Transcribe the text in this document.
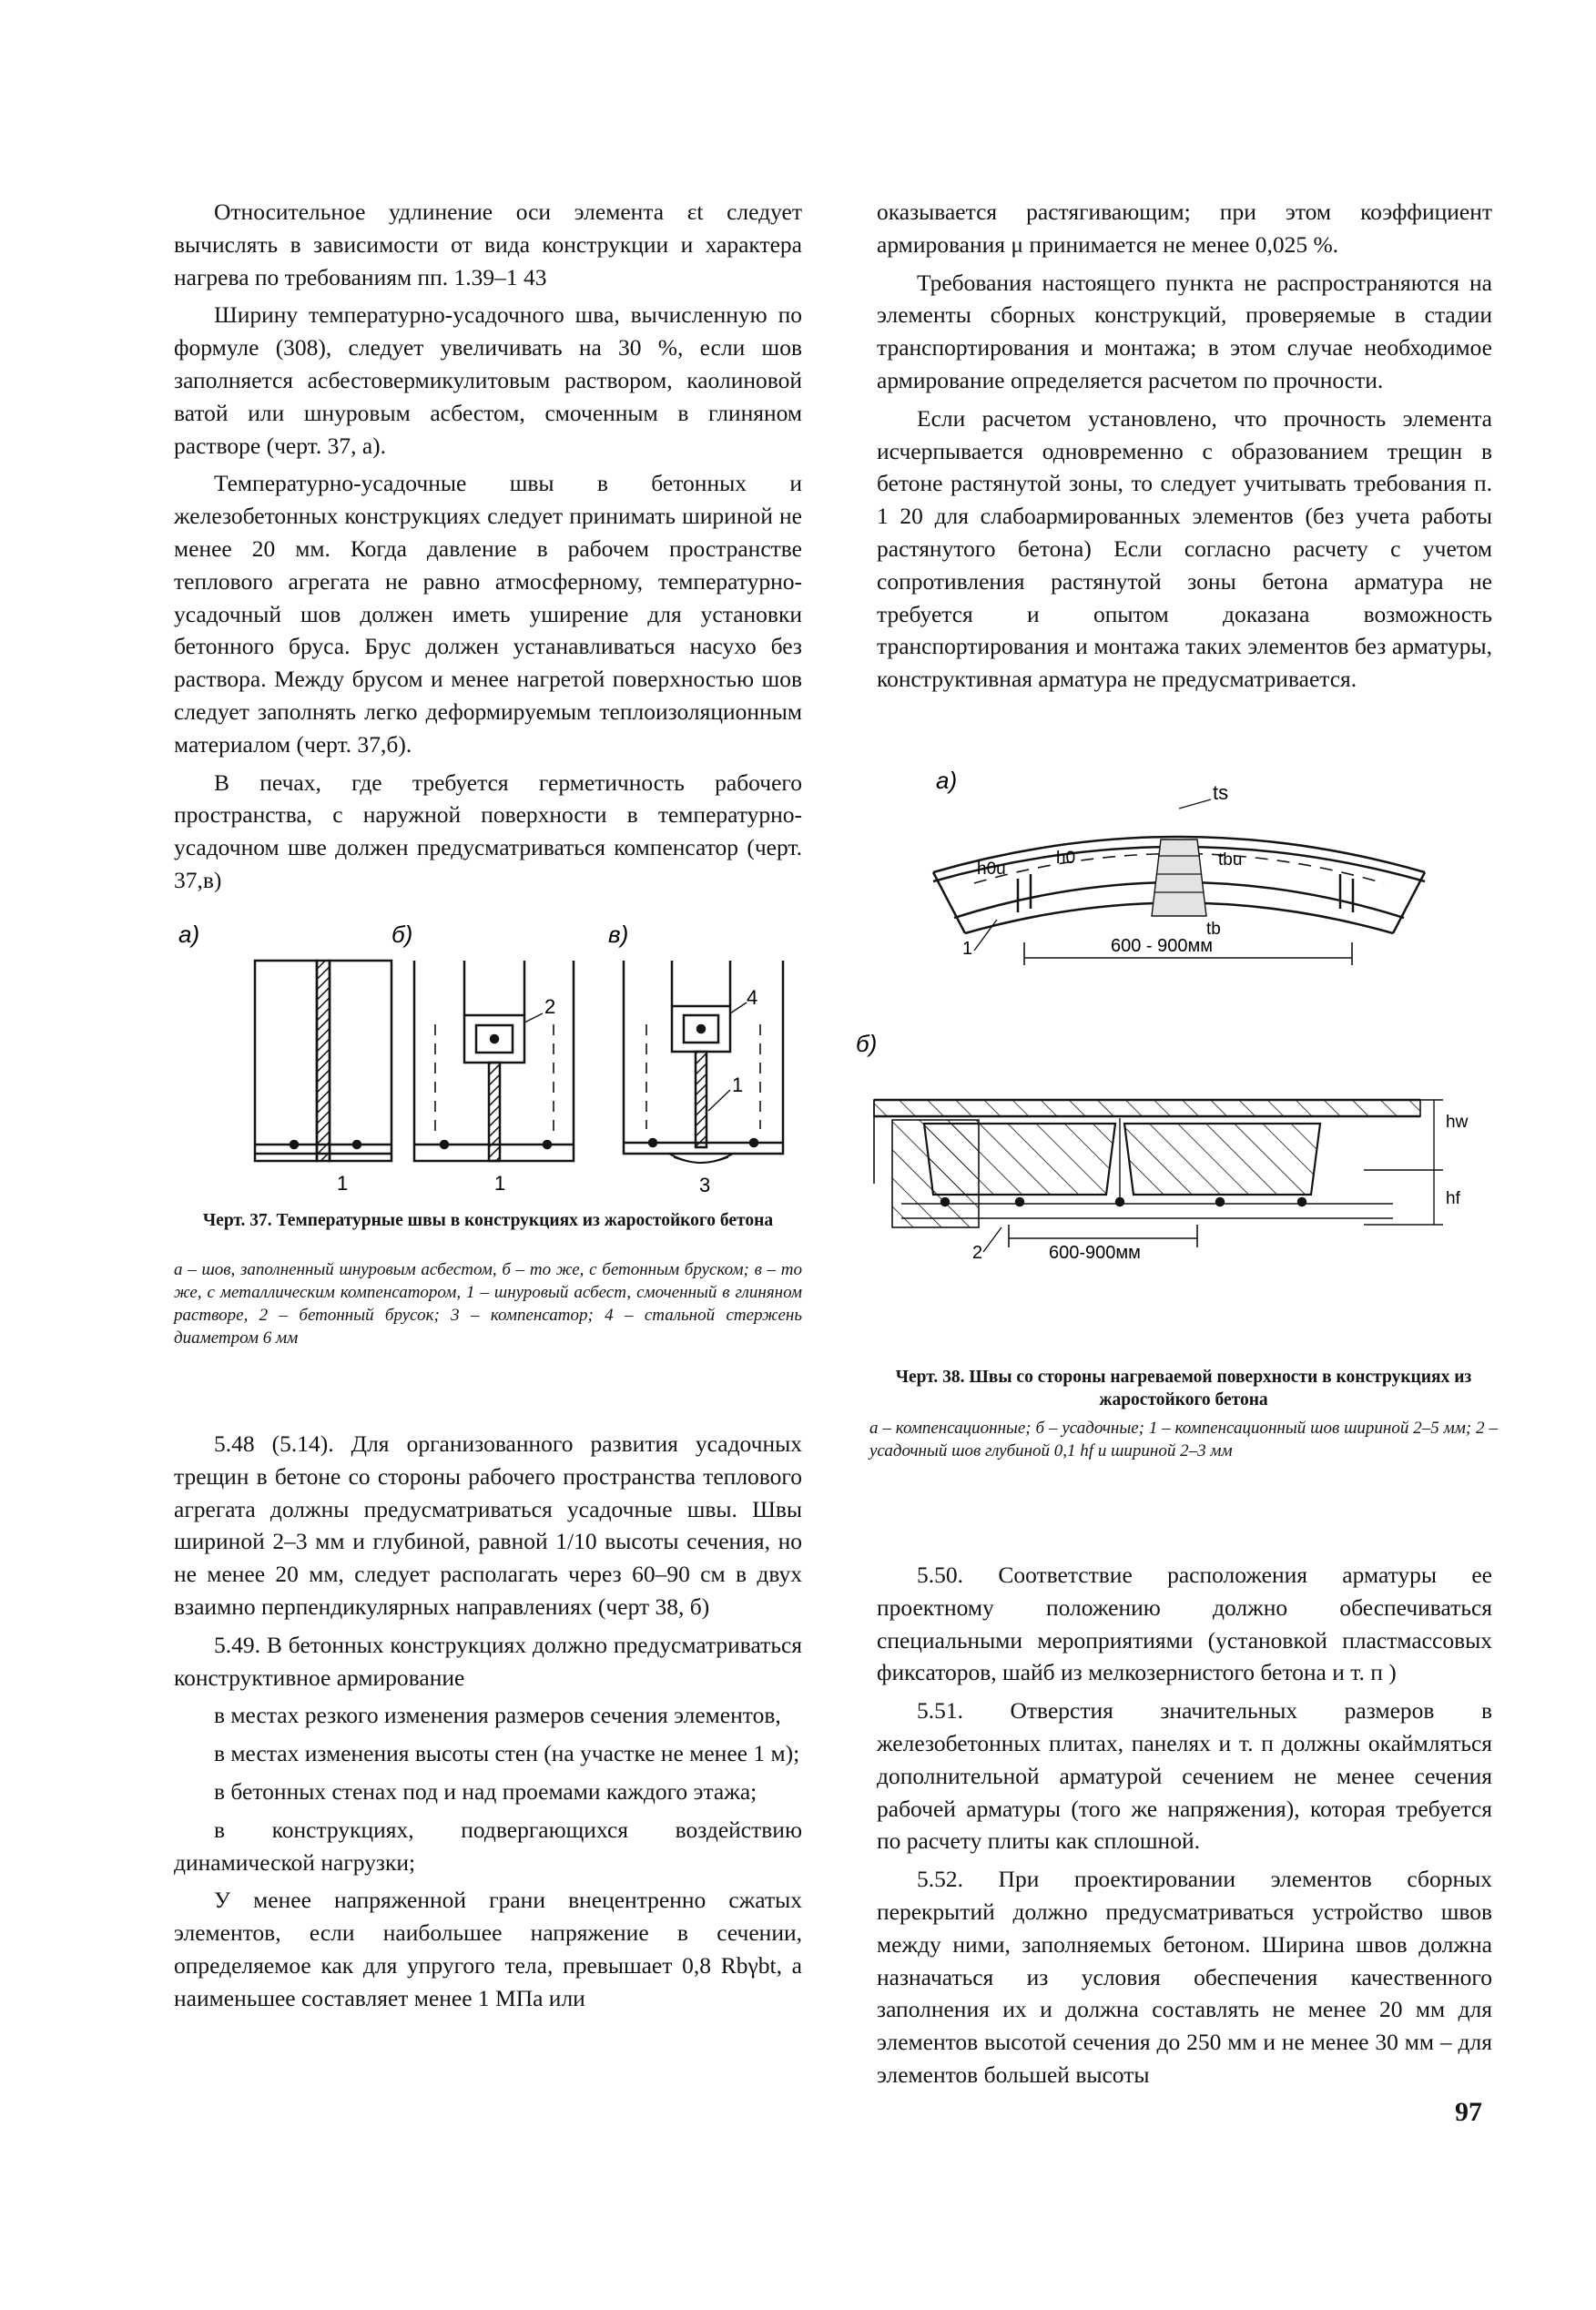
Относительное удлинение оси элемента εt следует вычислять в зависимости от вида конструкции и характера нагрева по требованиям пп. 1.39–1 43

Ширину температурно-усадочного шва, вычисленную по формуле (308), следует увеличивать на 30 %, если шов заполняется асбестовермикулитовым раствором, каолиновой ватой или шнуровым асбестом, смоченным в глиняном растворе (черт. 37, а).

Температурно-усадочные швы в бетонных и железобетонных конструкциях следует принимать шириной не менее 20 мм. Когда давление в рабочем пространстве теплового агрегата не равно атмосферному, температурно-усадочный шов должен иметь уширение для установки бетонного бруса. Брус должен устанавливаться насухо без раствора. Между брусом и менее нагретой поверхностью шов следует заполнять легко деформируемым теплоизоляционным материалом (черт. 37,б).

В печах, где требуется герметичность рабочего пространства, с наружной поверхности в температурно-усадочном шве должен предусматриваться компенсатор (черт. 37,в)

оказывается растягивающим; при этом коэффициент армирования μ принимается не менее 0,025 %.

Требования настоящего пункта не распространяются на элементы сборных конструкций, проверяемые в стадии транспортирования и монтажа; в этом случае необходимое армирование определяется расчетом по прочности.

Если расчетом установлено, что прочность элемента исчерпывается одновременно с образованием трещин в бетоне растянутой зоны, то следует учитывать требования п. 1 20 для слабоармированных элементов (без учета работы растянутого бетона) Если согласно расчету с учетом сопротивления растянутой зоны бетона арматура не требуется и опытом доказана возможность транспортирования и монтажа таких элементов без арматуры, конструктивная арматура не предусматривается.

а)	б)	в)
1
2
1
4
1
3
Черт. 37. Температурные швы в конструкциях из жаростойкого бетона
а – шов, заполненный шнуровым асбестом, б – то же, с бетонным бруском; в – то же, с металлическим компенсатором, 1 – шнуровый асбест, смоченный в глиняном растворе, 2 – бетонный брусок; 3 – компенсатор; 4 – стальной стержень диаметром 6 мм
а)	ts
tbu
tb
h0u
h0
600 - 900мм
1
б)
hw
hf
600-900мм
2
Черт. 38. Швы со стороны нагреваемой поверхности в конструкциях из жаростойкого бетона
а – компенсационные; б – усадочные; 1 – компенсационный шов шириной 2–5 мм; 2 – усадочный шов глубиной 0,1 hf и шириной 2–3 мм

5.48 (5.14). Для организованного развития усадочных трещин в бетоне со стороны рабочего пространства теплового агрегата должны предусматриваться усадочные швы. Швы шириной 2–3 мм и глубиной, равной 1/10 высоты сечения, но не менее 20 мм, следует располагать через 60–90 см в двух взаимно перпендикулярных направлениях (черт 38, б)

5.49. В бетонных конструкциях должно предусматриваться конструктивное армирование

в местах резкого изменения размеров сечения элементов,

в местах изменения высоты стен (на участке не менее 1 м);

в бетонных стенах под и над проемами каждого этажа;

в конструкциях, подвергающихся воздействию динамической нагрузки;

У менее напряженной грани внецентренно сжатых элементов, если наибольшее напряжение в сечении, определяемое как для упругого тела, превышает 0,8 Rbγbt, а наименьшее составляет менее 1 МПа или

5.50. Соответствие расположения арматуры ее проектному положению должно обеспечиваться специальными мероприятиями (установкой пластмассовых фиксаторов, шайб из мелкозернистого бетона и т. п )

5.51. Отверстия значительных размеров в железобетонных плитах, панелях и т. п должны окаймляться дополнительной арматурой сечением не менее сечения рабочей арматуры (того же напряжения), которая требуется по расчету плиты как сплошной.

5.52. При проектировании элементов сборных перекрытий должно предусматриваться устройство швов между ними, заполняемых бетоном. Ширина швов должна назначаться из условия обеспечения качественного заполнения их и должна составлять не менее 20 мм для элементов высотой сечения до 250 мм и не менее 30 мм – для элементов большей высоты

97
